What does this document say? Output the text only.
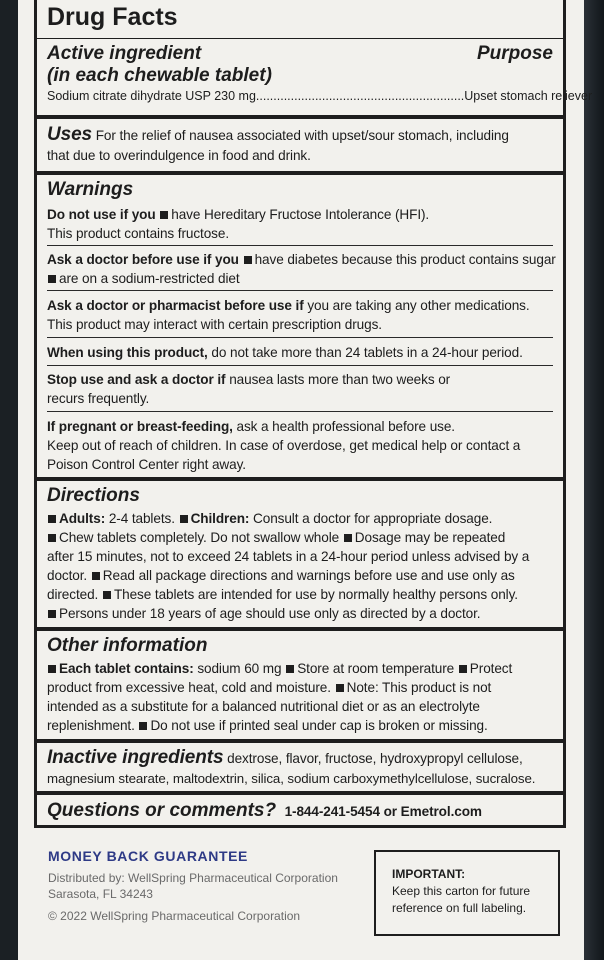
Drug Facts
Active ingredient	Purpose
(in each chewable tablet)
Sodium citrate dihydrate USP 230 mg ............................................................ Upset stomach reliever
Uses For the relief of nausea associated with upset/sour stomach, including
that due to overindulgence in food and drink.
Warnings
Do not use if you have Hereditary Fructose Intolerance (HFI).
This product contains fructose.
Ask a doctor before use if you have diabetes because this product contains sugar
are on a sodium-restricted diet
Ask a doctor or pharmacist before use if you are taking any other medications.
This product may interact with certain prescription drugs.
When using this product, do not take more than 24 tablets in a 24-hour period.
Stop use and ask a doctor if nausea lasts more than two weeks or
recurs frequently.
If pregnant or breast-feeding, ask a health professional before use.
Keep out of reach of children. In case of overdose, get medical help or contact a
Poison Control Center right away.
Directions
Adults: 2-4 tablets. Children: Consult a doctor for appropriate dosage.
Chew tablets completely. Do not swallow whole Dosage may be repeated
after 15 minutes, not to exceed 24 tablets in a 24-hour period unless advised by a
doctor. Read all package directions and warnings before use and use only as
directed. These tablets are intended for use by normally healthy persons only.
Persons under 18 years of age should use only as directed by a doctor.
Other information
Each tablet contains: sodium 60 mg Store at room temperature Protect
product from excessive heat, cold and moisture. Note: This product is not
intended as a substitute for a balanced nutritional diet or as an electrolyte
replenishment. Do not use if printed seal under cap is broken or missing.
Inactive ingredients dextrose, flavor, fructose, hydroxypropyl cellulose,
magnesium stearate, maltodextrin, silica, sodium carboxymethylcellulose, sucralose.
Questions or comments? 1-844-241-5454 or Emetrol.com
MONEY BACK GUARANTEE
Distributed by: WellSpring Pharmaceutical Corporation
Sarasota, FL 34243
© 2022 WellSpring Pharmaceutical Corporation
IMPORTANT:
Keep this carton for future
reference on full labeling.
